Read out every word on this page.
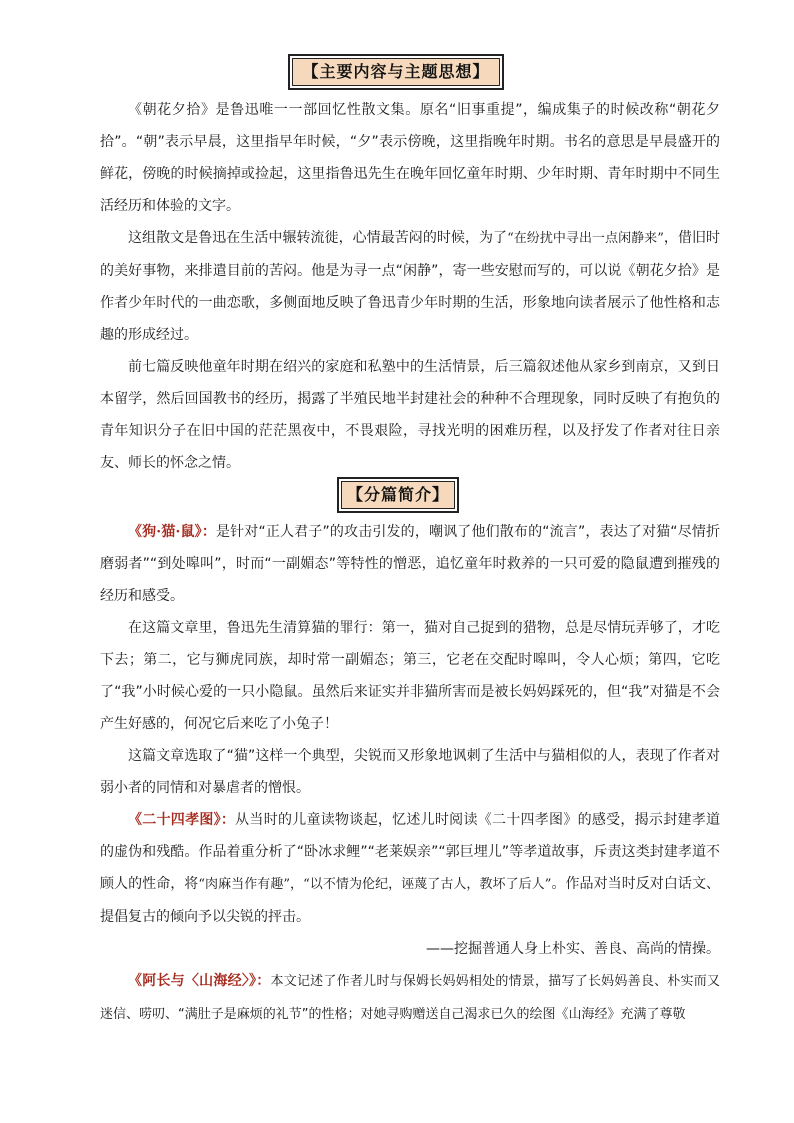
【主要内容与主题思想】

《朝花夕拾》是鲁迅唯一一部回忆性散文集。原名“旧事重提”，编成集子的时候改称“朝花夕拾”。“朝”表示早晨，这里指早年时候，“夕”表示傍晚，这里指晚年时期。书名的意思是早晨盛开的鲜花，傍晚的时候摘掉或捡起，这里指鲁迅先生在晚年回忆童年时期、少年时期、青年时期中不同生活经历和体验的文字。

这组散文是鲁迅在生活中辗转流徙，心情最苦闷的时候，为了“在纷扰中寻出一点闲静来”，借旧时的美好事物，来排遣目前的苦闷。他是为寻一点“闲静”，寄一些安慰而写的，可以说《朝花夕拾》是作者少年时代的一曲恋歌，多侧面地反映了鲁迅青少年时期的生活，形象地向读者展示了他性格和志趣的形成经过。

前七篇反映他童年时期在绍兴的家庭和私塾中的生活情景，后三篇叙述他从家乡到南京，又到日本留学，然后回国教书的经历，揭露了半殖民地半封建社会的种种不合理现象，同时反映了有抱负的青年知识分子在旧中国的茫茫黑夜中，不畏艰险，寻找光明的困难历程，以及抒发了作者对往日亲友、师长的怀念之情。

【分篇简介】

《狗·猫·鼠》：是针对“正人君子”的攻击引发的，嘲讽了他们散布的“流言”，表达了对猫“尽情折磨弱者”“到处嗥叫”，时而“一副媚态”等特性的憎恶，追忆童年时救养的一只可爱的隐鼠遭到摧残的经历和感受。

在这篇文章里，鲁迅先生清算猫的罪行：第一，猫对自己捉到的猎物，总是尽情玩弄够了，才吃下去；第二，它与狮虎同族，却时常一副媚态；第三，它老在交配时嗥叫，令人心烦；第四，它吃了“我”小时候心爱的一只小隐鼠。虽然后来证实并非猫所害而是被长妈妈踩死的，但“我”对猫是不会产生好感的，何况它后来吃了小兔子！

这篇文章选取了“猫”这样一个典型，尖锐而又形象地讽刺了生活中与猫相似的人，表现了作者对弱小者的同情和对暴虐者的憎恨。

《二十四孝图》：从当时的儿童读物谈起，忆述儿时阅读《二十四孝图》的感受，揭示封建孝道的虚伪和残酷。作品着重分析了“卧冰求鲤”“老莱娱亲”“郭巨埋儿”等孝道故事，斥责这类封建孝道不顾人的性命，将“肉麻当作有趣”，“以不情为伦纪，诬蔑了古人，教坏了后人”。作品对当时反对白话文、提倡复古的倾向予以尖锐的抨击。

——挖掘普通人身上朴实、善良、高尚的情操。

《阿长与〈山海经〉》：本文记述了作者儿时与保姆长妈妈相处的情景，描写了长妈妈善良、朴实而又迷信、唠叨、“满肚子是麻烦的礼节”的性格；对她寻购赠送自己渴求已久的绘图《山海经》充满了尊敬
